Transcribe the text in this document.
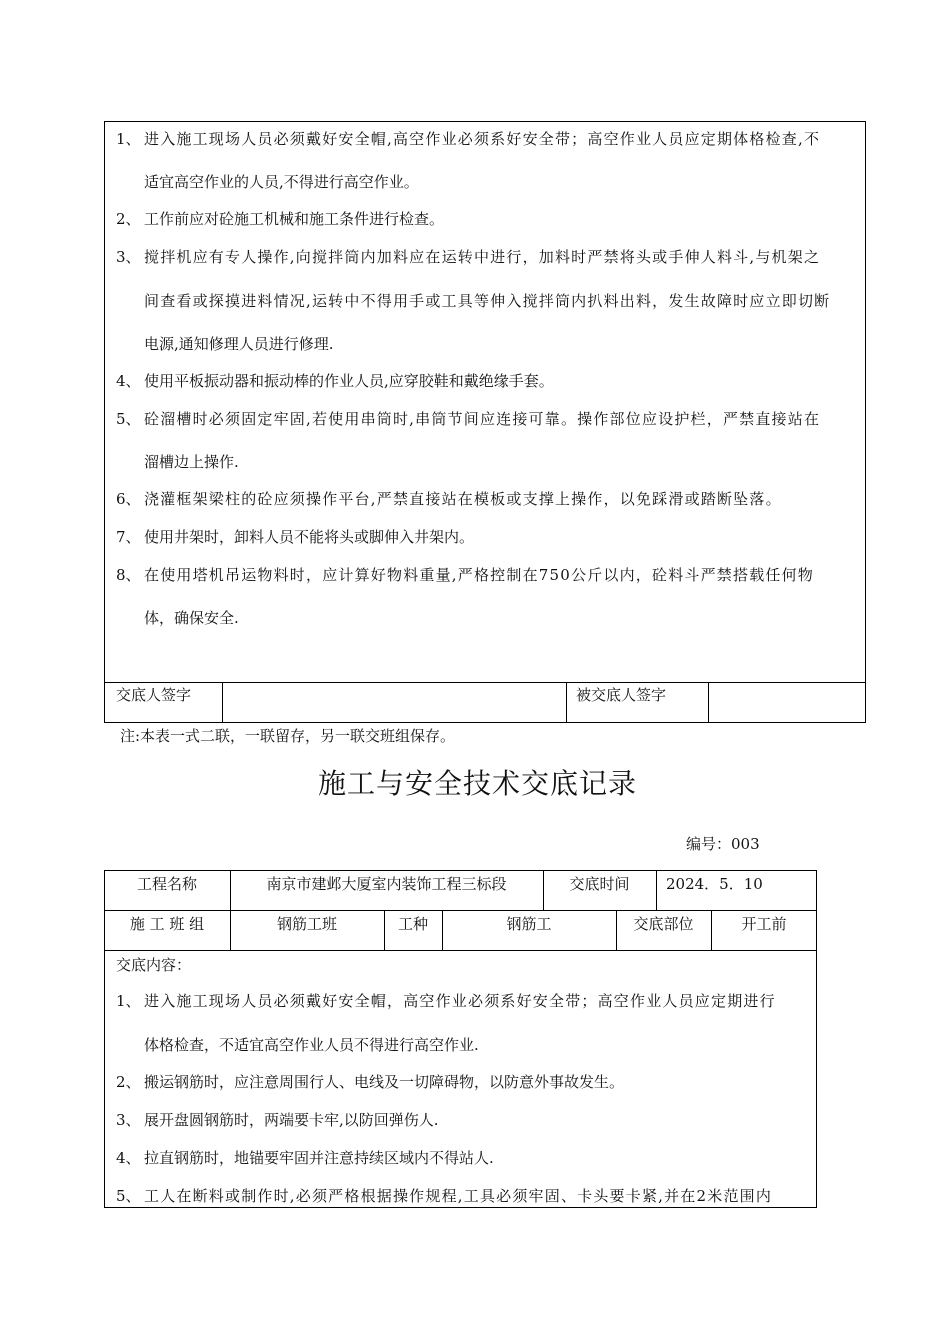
1、 进入施工现场人员必须戴好安全帽,高空作业必须系好安全带；高空作业人员应定期体格检查,不
适宜高空作业的人员,不得进行高空作业。
2、 工作前应对砼施工机械和施工条件进行检查。
3、 搅拌机应有专人操作,向搅拌筒内加料应在运转中进行，加料时严禁将头或手伸人料斗,与机架之
间查看或探摸进料情况,运转中不得用手或工具等伸入搅拌筒内扒料出料，发生故障时应立即切断
电源,通知修理人员进行修理.
4、 使用平板振动器和振动棒的作业人员,应穿胶鞋和戴绝缘手套。
5、 砼溜槽时必须固定牢固,若使用串筒时,串筒节间应连接可靠。操作部位应设护栏，严禁直接站在
溜槽边上操作.
6、 浇灌框架梁柱的砼应须操作平台,严禁直接站在模板或支撑上操作，以免踩滑或踏断坠落。
7、 使用井架时，卸料人员不能将头或脚伸入井架内。
8、 在使用塔机吊运物料时，应计算好物料重量,严格控制在750公斤以内，砼料斗严禁搭载任何物
体，确保安全.
交底人签字	被交底人签字
注:本表一式二联，一联留存，另一联交班组保存。
施工与安全技术交底记录
编号：003
工程名称	南京市建邺大厦室内装饰工程三标段	交底时间	2024．5．10
施 工 班 组	钢筋工班	工种	钢筋工	交底部位	开工前
交底内容：
1、 进入施工现场人员必须戴好安全帽，高空作业必须系好安全带；高空作业人员应定期进行
体格检查，不适宜高空作业人员不得进行高空作业.
2、 搬运钢筋时，应注意周围行人、电线及一切障碍物，以防意外事故发生。
3、 展开盘圆钢筋时，两端要卡牢,以防回弹伤人.
4、 拉直钢筋时，地锚要牢固并注意持续区域内不得站人.
5、 工人在断料或制作时,必须严格根据操作规程,工具必须牢固、卡头要卡紧,并在2米范围内
